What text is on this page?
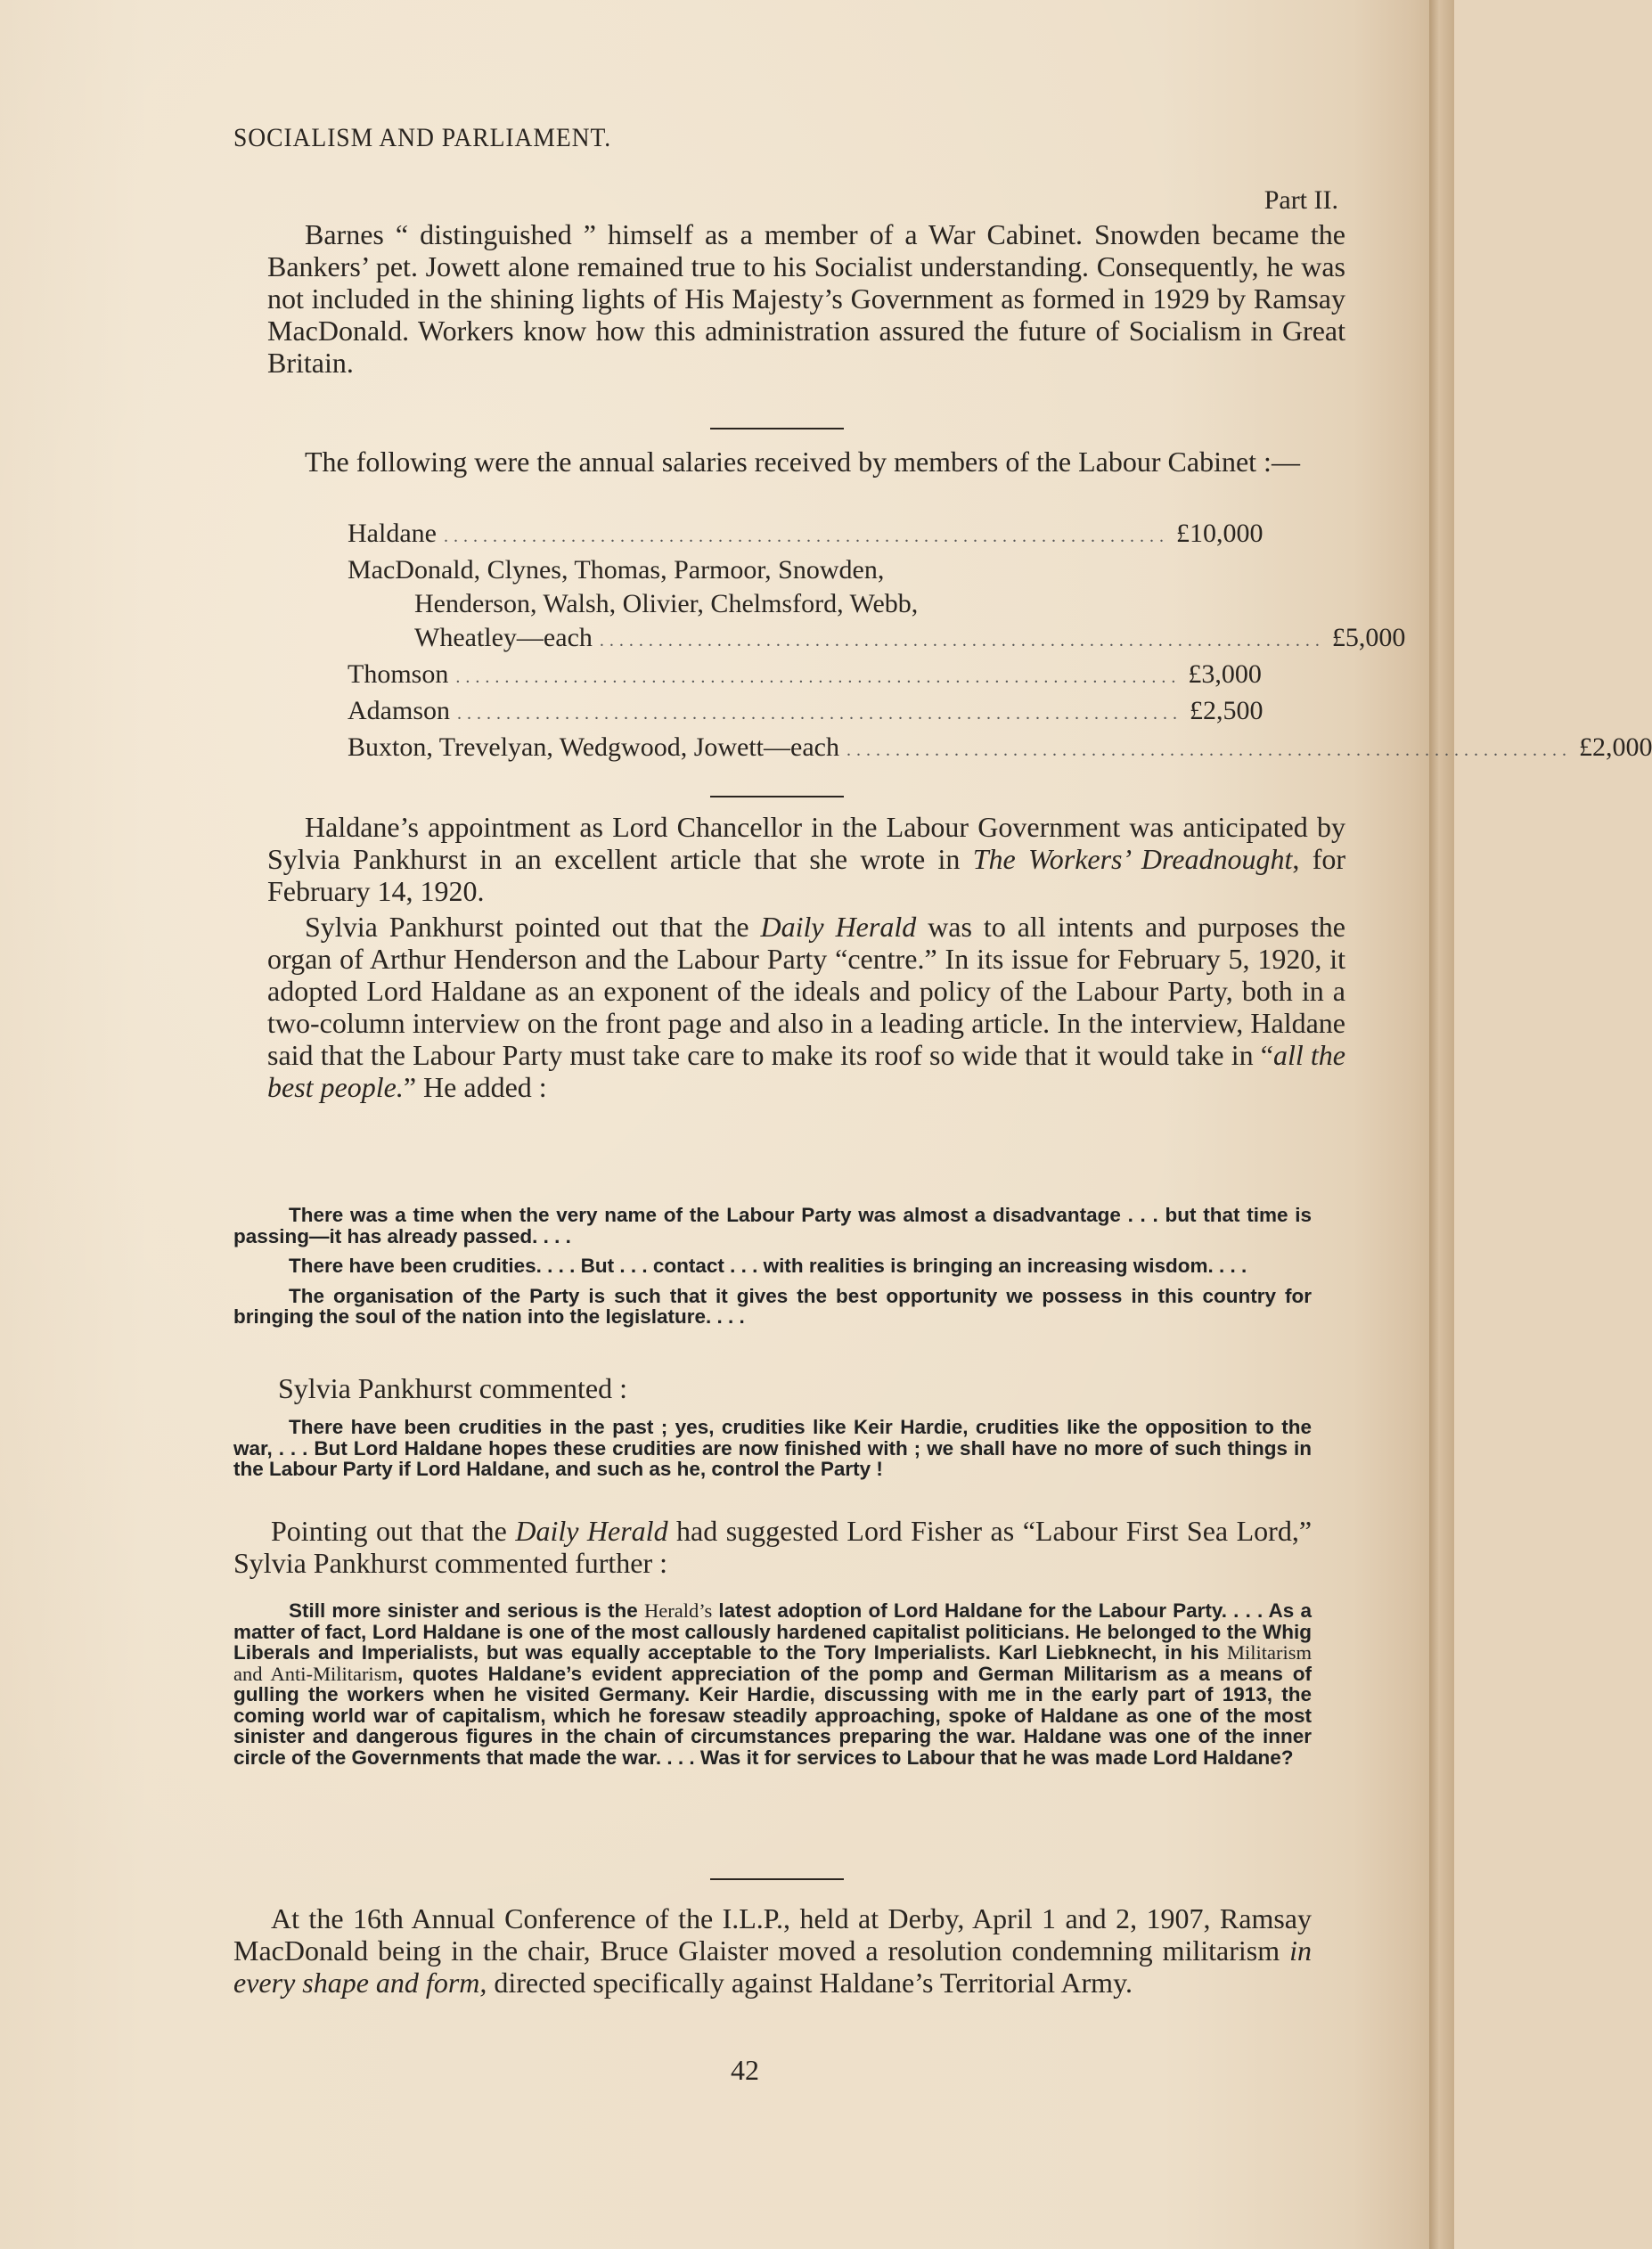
SOCIALISM AND PARLIAMENT.
Part II.

Barnes “ distinguished ” himself as a member of a War Cabinet. Snowden became the Bankers’ pet. Jowett alone remained true to his Socialist understanding. Consequently, he was not included in the shining lights of His Majesty’s Government as formed in 1929 by Ramsay MacDonald. Workers know how this administration assured the future of Socialism in Great Britain.

The following were the annual salaries received by members of the Labour Cabinet :—

Haldane .......................................................................... £10,000
MacDonald, Clynes, Thomas, Parmoor, Snowden,
Henderson, Walsh, Olivier, Chelmsford, Webb,
Wheatley—each .......................................................................... £5,000
Thomson .......................................................................... £3,000
Adamson .......................................................................... £2,500
Buxton, Trevelyan, Wedgwood, Jowett—each .......................................................................... £2,000

Haldane’s appointment as Lord Chancellor in the Labour Government was anticipated by Sylvia Pankhurst in an excellent article that she wrote in The Workers’ Dreadnought, for February 14, 1920.

Sylvia Pankhurst pointed out that the Daily Herald was to all intents and purposes the organ of Arthur Henderson and the Labour Party “centre.” In its issue for February 5, 1920, it adopted Lord Haldane as an exponent of the ideals and policy of the Labour Party, both in a two-column interview on the front page and also in a leading article. In the interview, Haldane said that the Labour Party must take care to make its roof so wide that it would take in “all the best people.” He added :

There was a time when the very name of the Labour Party was almost a disadvantage . . . but that time is passing—it has already passed. . . .

There have been crudities. . . . But . . . contact . . . with realities is bringing an increasing wisdom. . . .

The organisation of the Party is such that it gives the best opportunity we possess in this country for bringing the soul of the nation into the legislature. . . .

Sylvia Pankhurst commented :

There have been crudities in the past ; yes, crudities like Keir Hardie, crudities like the opposition to the war, . . . But Lord Haldane hopes these crudities are now finished with ; we shall have no more of such things in the Labour Party if Lord Haldane, and such as he, control the Party !

Pointing out that the Daily Herald had suggested Lord Fisher as “Labour First Sea Lord,” Sylvia Pankhurst commented further :

Still more sinister and serious is the Herald’s latest adoption of Lord Haldane for the Labour Party. . . . As a matter of fact, Lord Haldane is one of the most callously hardened capitalist politicians. He belonged to the Whig Liberals and Imperialists, but was equally acceptable to the Tory Imperialists. Karl Liebknecht, in his Militarism and Anti-Militarism, quotes Haldane’s evident appreciation of the pomp and German Militarism as a means of gulling the workers when he visited Germany. Keir Hardie, discussing with me in the early part of 1913, the coming world war of capitalism, which he foresaw steadily approaching, spoke of Haldane as one of the most sinister and dangerous figures in the chain of circumstances preparing the war. Haldane was one of the inner circle of the Governments that made the war. . . . Was it for services to Labour that he was made Lord Haldane?

At the 16th Annual Conference of the I.L.P., held at Derby, April 1 and 2, 1907, Ramsay MacDonald being in the chair, Bruce Glaister moved a resolution condemning militarism in every shape and form, directed specifically against Haldane’s Territorial Army.

42
